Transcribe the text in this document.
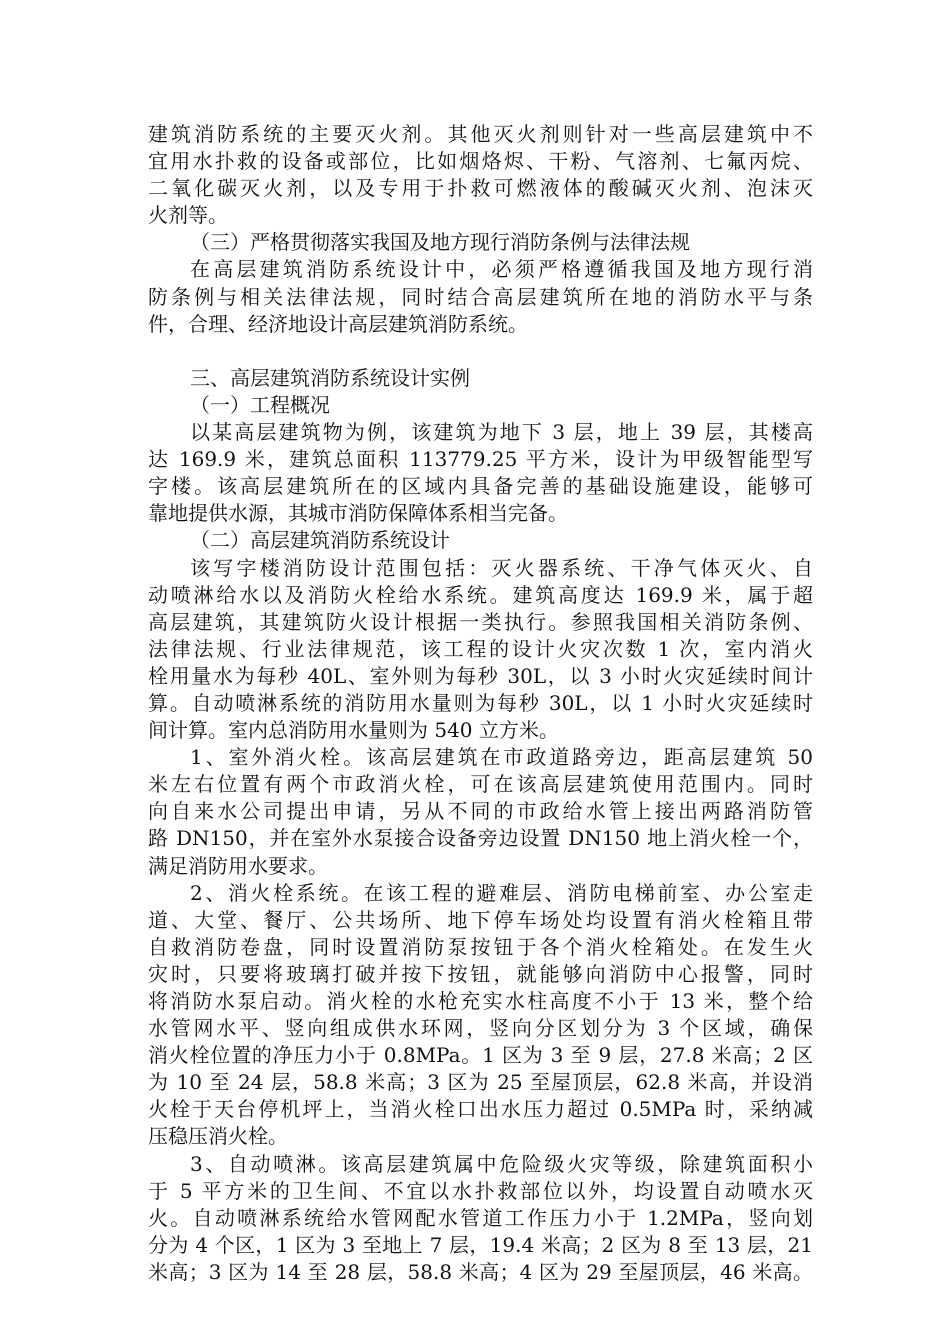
建筑消防系统的主要灭火剂。其他灭火剂则针对一些高层建筑中不
宜用水扑救的设备或部位，比如烟烙烬、干粉、气溶剂、七氟丙烷、
二氧化碳灭火剂，以及专用于扑救可燃液体的酸碱灭火剂、泡沫灭
火剂等。
（三）严格贯彻落实我国及地方现行消防条例与法律法规
在高层建筑消防系统设计中，必须严格遵循我国及地方现行消
防条例与相关法律法规，同时结合高层建筑所在地的消防水平与条
件，合理、经济地设计高层建筑消防系统。
三、高层建筑消防系统设计实例
（一）工程概况
以某高层建筑物为例，该建筑为地下 3 层，地上 39 层，其楼高
达 169.9 米，建筑总面积 113779.25 平方米，设计为甲级智能型写
字楼。该高层建筑所在的区域内具备完善的基础设施建设，能够可
靠地提供水源，其城市消防保障体系相当完备。
（二）高层建筑消防系统设计
该写字楼消防设计范围包括：灭火器系统、干净气体灭火、自
动喷淋给水以及消防火栓给水系统。建筑高度达 169.9 米，属于超
高层建筑，其建筑防火设计根据一类执行。参照我国相关消防条例、
法律法规、行业法律规范，该工程的设计火灾次数 1 次，室内消火
栓用量水为每秒 40L、室外则为每秒 30L，以 3 小时火灾延续时间计
算。自动喷淋系统的消防用水量则为每秒 30L，以 1 小时火灾延续时
间计算。室内总消防用水量则为 540 立方米。
1、室外消火栓。该高层建筑在市政道路旁边，距高层建筑 50
米左右位置有两个市政消火栓，可在该高层建筑使用范围内。同时
向自来水公司提出申请，另从不同的市政给水管上接出两路消防管
路 DN150，并在室外水泵接合设备旁边设置 DN150 地上消火栓一个，
满足消防用水要求。
2、消火栓系统。在该工程的避难层、消防电梯前室、办公室走
道、大堂、餐厅、公共场所、地下停车场处均设置有消火栓箱且带
自救消防卷盘，同时设置消防泵按钮于各个消火栓箱处。在发生火
灾时，只要将玻璃打破并按下按钮，就能够向消防中心报警，同时
将消防水泵启动。消火栓的水枪充实水柱高度不小于 13 米，整个给
水管网水平、竖向组成供水环网，竖向分区划分为 3 个区域，确保
消火栓位置的净压力小于 0.8MPa。1 区为 3 至 9 层，27.8 米高；2 区
为 10 至 24 层，58.8 米高；3 区为 25 至屋顶层，62.8 米高，并设消
火栓于天台停机坪上，当消火栓口出水压力超过 0.5MPa 时，采纳减
压稳压消火栓。
3、自动喷淋。该高层建筑属中危险级火灾等级，除建筑面积小
于 5 平方米的卫生间、不宜以水扑救部位以外，均设置自动喷水灭
火。自动喷淋系统给水管网配水管道工作压力小于 1.2MPa，竖向划
分为 4 个区，1 区为 3 至地上 7 层，19.4 米高；2 区为 8 至 13 层，21
米高；3 区为 14 至 28 层，58.8 米高；4 区为 29 至屋顶层，46 米高。
